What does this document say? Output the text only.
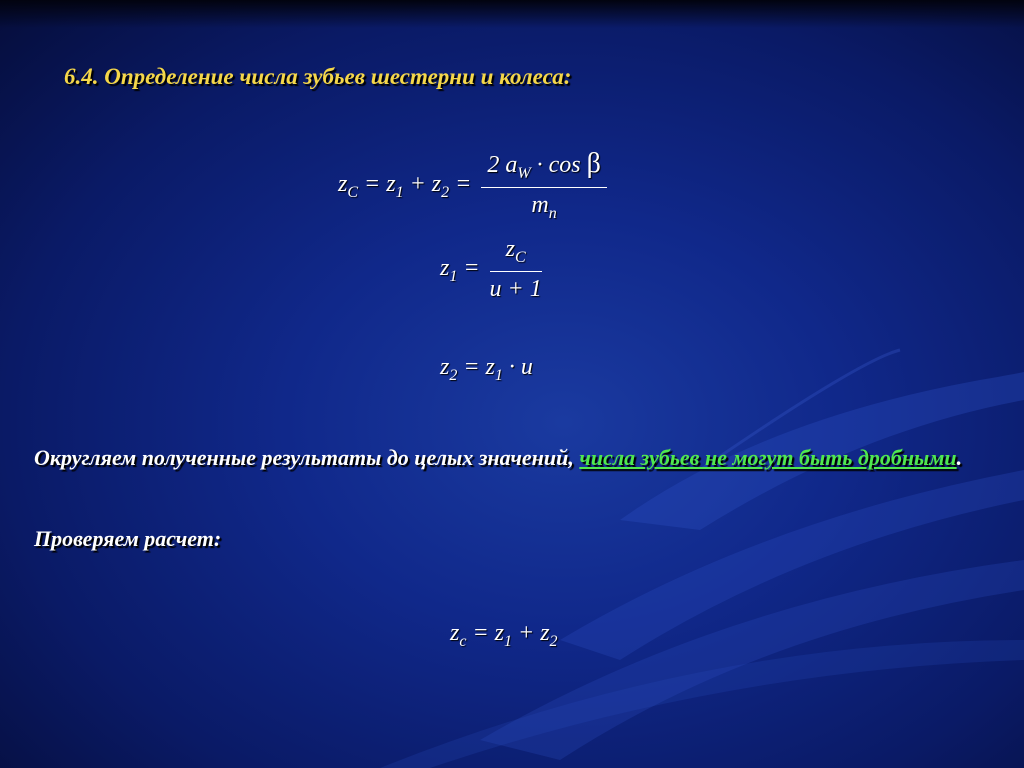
6.4. Определение числа зубьев шестерни и колеса:
$z_C = z_1 + z_2 = \frac{2 a_W \cdot \cos \beta}{m_n}$
$z_1 = \frac{z_C}{u + 1}$
$z_2 = z_1 \cdot u$
Округляем полученные результаты до целых значений, числа зубьев не могут быть дробными.
Проверяем расчет:
$z_c = z_1 + z_2$
